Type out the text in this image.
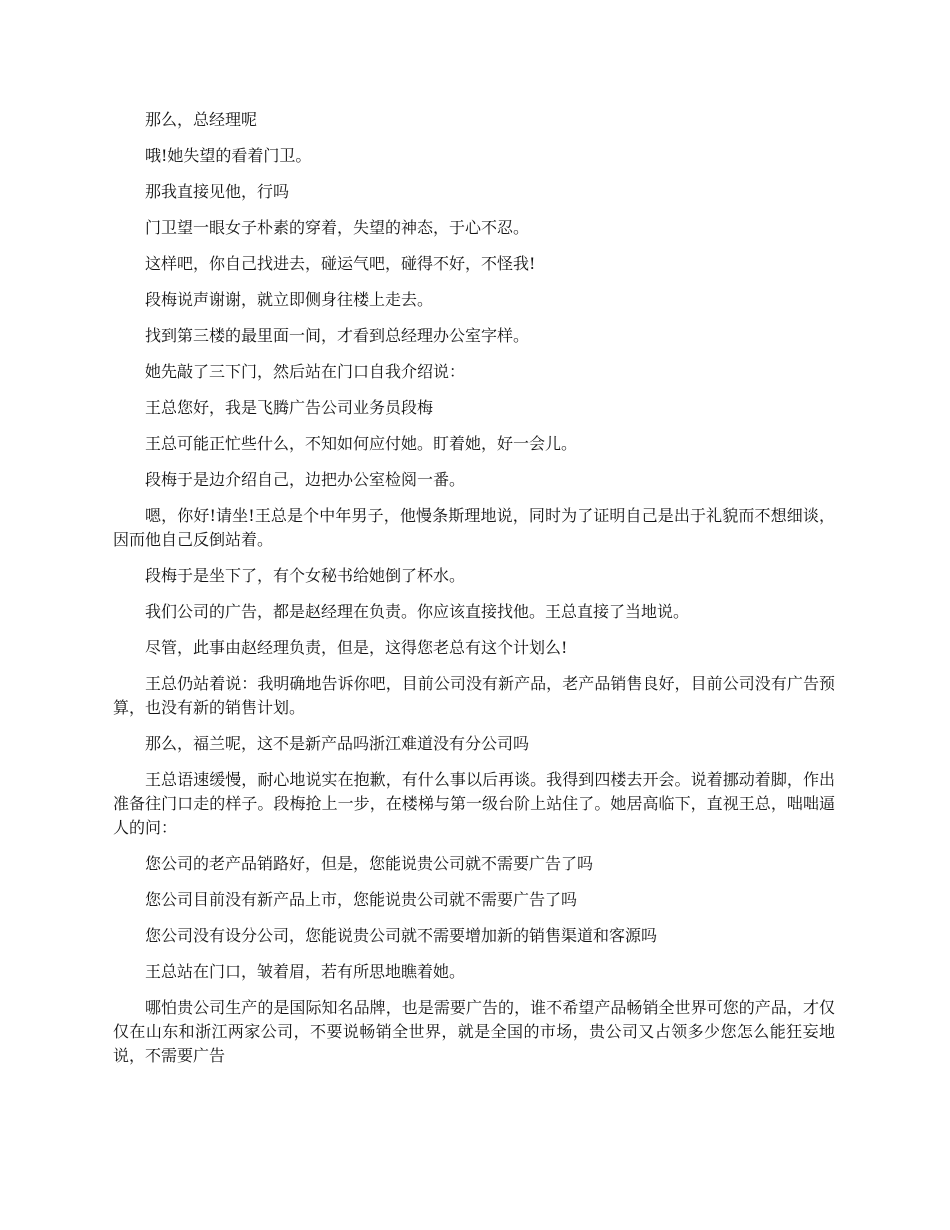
那么，总经理呢

哦!她失望的看着门卫。

那我直接见他，行吗

门卫望一眼女子朴素的穿着，失望的神态，于心不忍。

这样吧，你自己找进去，碰运气吧，碰得不好，不怪我!

段梅说声谢谢，就立即侧身往楼上走去。

找到第三楼的最里面一间，才看到总经理办公室字样。

她先敲了三下门，然后站在门口自我介绍说：

王总您好，我是飞腾广告公司业务员段梅

王总可能正忙些什么，不知如何应付她。盯着她，好一会儿。

段梅于是边介绍自己，边把办公室检阅一番。

嗯，你好!请坐!王总是个中年男子，他慢条斯理地说，同时为了证明自己是出于礼貌而不想细谈，因而他自己反倒站着。

段梅于是坐下了，有个女秘书给她倒了杯水。

我们公司的广告，都是赵经理在负责。你应该直接找他。王总直接了当地说。

尽管，此事由赵经理负责，但是，这得您老总有这个计划么!

王总仍站着说：我明确地告诉你吧，目前公司没有新产品，老产品销售良好，目前公司没有广告预算，也没有新的销售计划。

那么，福兰呢，这不是新产品吗浙江难道没有分公司吗

王总语速缓慢，耐心地说实在抱歉，有什么事以后再谈。我得到四楼去开会。说着挪动着脚，作出准备往门口走的样子。段梅抢上一步，在楼梯与第一级台阶上站住了。她居高临下，直视王总，咄咄逼人的问：

您公司的老产品销路好，但是，您能说贵公司就不需要广告了吗

您公司目前没有新产品上市，您能说贵公司就不需要广告了吗

您公司没有设分公司，您能说贵公司就不需要增加新的销售渠道和客源吗

王总站在门口，皱着眉，若有所思地瞧着她。

哪怕贵公司生产的是国际知名品牌，也是需要广告的，谁不希望产品畅销全世界可您的产品，才仅仅在山东和浙江两家公司，不要说畅销全世界，就是全国的市场，贵公司又占领多少您怎么能狂妄地说，不需要广告
